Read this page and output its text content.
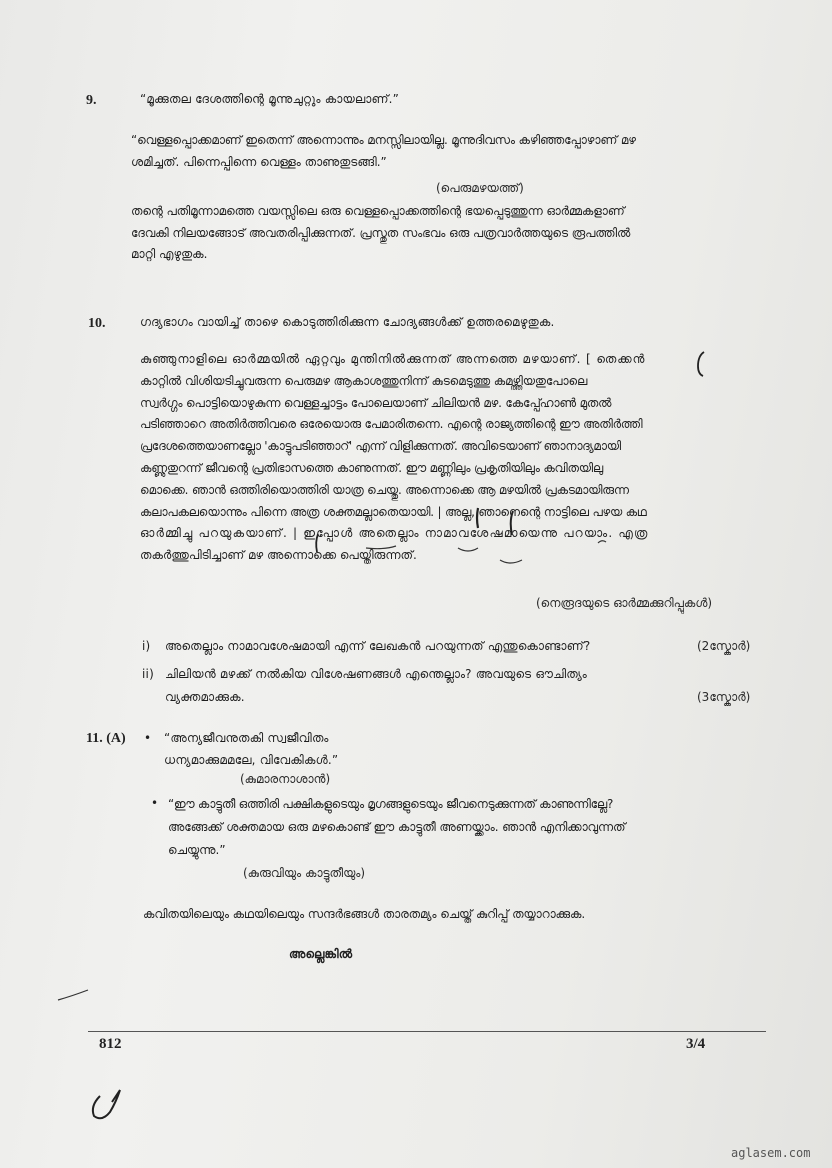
9.	“മൂക്കുതല ദേശത്തിന്റെ മൂന്നുചുറ്റും കായലാണ്.”
“വെള്ളപ്പൊക്കമാണ് ഇതെന്ന് അന്നൊന്നും മനസ്സിലായില്ല. മൂന്നുദിവസം കഴിഞ്ഞപ്പോഴാണ് മഴ
ശമിച്ചത്. പിന്നെപ്പിന്നെ വെള്ളം താണുതുടങ്ങി.”
(പെരുമഴയത്ത്)
തന്റെ പതിമൂന്നാമത്തെ വയസ്സിലെ ഒരു വെള്ളപ്പൊക്കത്തിന്റെ ഭയപ്പെടുത്തുന്ന ഓർമ്മകളാണ്
ദേവകി നിലയങ്ങോട് അവതരിപ്പിക്കുന്നത്. പ്രസ്തുത സംഭവം ഒരു പത്രവാർത്തയുടെ രൂപത്തിൽ
മാറ്റി എഴുതുക.
10.	ഗദ്യഭാഗം വായിച്ച് താഴെ കൊടുത്തിരിക്കുന്ന ചോദ്യങ്ങൾക്ക് ഉത്തരമെഴുതുക.
കുഞ്ഞുനാളിലെ ഓർമ്മയിൽ ഏറ്റവും മുന്തിനിൽക്കുന്നത് അന്നത്തെ മഴയാണ്. [ തെക്കൻ
കാറ്റിൽ വിശിയടിച്ചുവരുന്ന പെരുമഴ ആകാശത്തുനിന്ന് കുടമെടുത്തു കമഴ്ത്തിയതുപോലെ
സ്വർഗ്ഗം പൊട്ടിയൊഴുകുന്ന വെള്ളച്ചാട്ടം പോലെയാണ് ചിലിയൻ മഴ. കേപ്പ്ഹോൺ മുതൽ
പടിഞ്ഞാറെ അതിർത്തിവരെ ഒരേയൊരു പേമാരിതന്നെ. എന്റെ രാജ്യത്തിന്റെ ഈ അതിർത്തി
പ്രദേശത്തെയാണല്ലോ 'കാട്ടുപടിഞ്ഞാറ്' എന്ന് വിളിക്കുന്നത്. അവിടെയാണ് ഞാനാദ്യമായി
കണ്ണുതുറന്ന് ജീവന്റെ പ്രതിഭാസത്തെ കാണുന്നത്. ഈ മണ്ണിലും പ്രകൃതിയിലും കവിതയിലു
മൊക്കെ. ഞാൻ ഒത്തിരിയൊത്തിരി യാത്ര ചെയ്തു. അന്നൊക്കെ ആ മഴയിൽ പ്രകടമായിരുന്ന
കലാപകലയൊന്നും പിന്നെ അത്ര ശക്തമല്ലാതെയായി. | അല്ല, ഞാനെന്റെ നാട്ടിലെ പഴയ കഥ
ഓർമ്മിച്ചു പറയുകയാണ്. | ഇപ്പോൾ അതെല്ലാം നാമാവശേഷമായെന്നു പറയാം. എത്ര
തകർത്തുപിടിച്ചാണ് മഴ അന്നൊക്കെ പെയ്തിരുന്നത്.
(നെരൂദയുടെ ഓർമ്മക്കുറിപ്പുകൾ)
i) അതെല്ലാം നാമാവശേഷമായി എന്ന് ലേഖകൻ പറയുന്നത് എന്തുകൊണ്ടാണ്?	(2സ്കോർ)
ii) ചിലിയൻ മഴക്ക് നൽകിയ വിശേഷണങ്ങൾ എന്തെല്ലാം? അവയുടെ ഔചിത്യം
വ്യക്തമാക്കുക.	(3സ്കോർ)
11. (A) • “അന്യജീവനുതകി സ്വജീവിതം
ധന്യമാക്കുമമലേ, വിവേകികൾ.”
(കുമാരനാശാൻ)
• “ഈ കാട്ടുതീ ഒത്തിരി പക്ഷികളുടെയും മൃഗങ്ങളുടെയും ജീവനെടുക്കുന്നത് കാണുന്നില്ലേ?
അങ്ങേക്ക് ശക്തമായ ഒരു മഴകൊണ്ട് ഈ കാട്ടുതീ അണയ്ക്കാം. ഞാൻ എനിക്കാവുന്നത്
ചെയ്യുന്നു.”
(കുരുവിയും കാട്ടുതീയും)
കവിതയിലെയും കഥയിലെയും സന്ദർഭങ്ങൾ താരതമ്യം ചെയ്ത് കുറിപ്പ് തയ്യാറാക്കുക.
അല്ലെങ്കിൽ
812	3/4
aglasem.com
